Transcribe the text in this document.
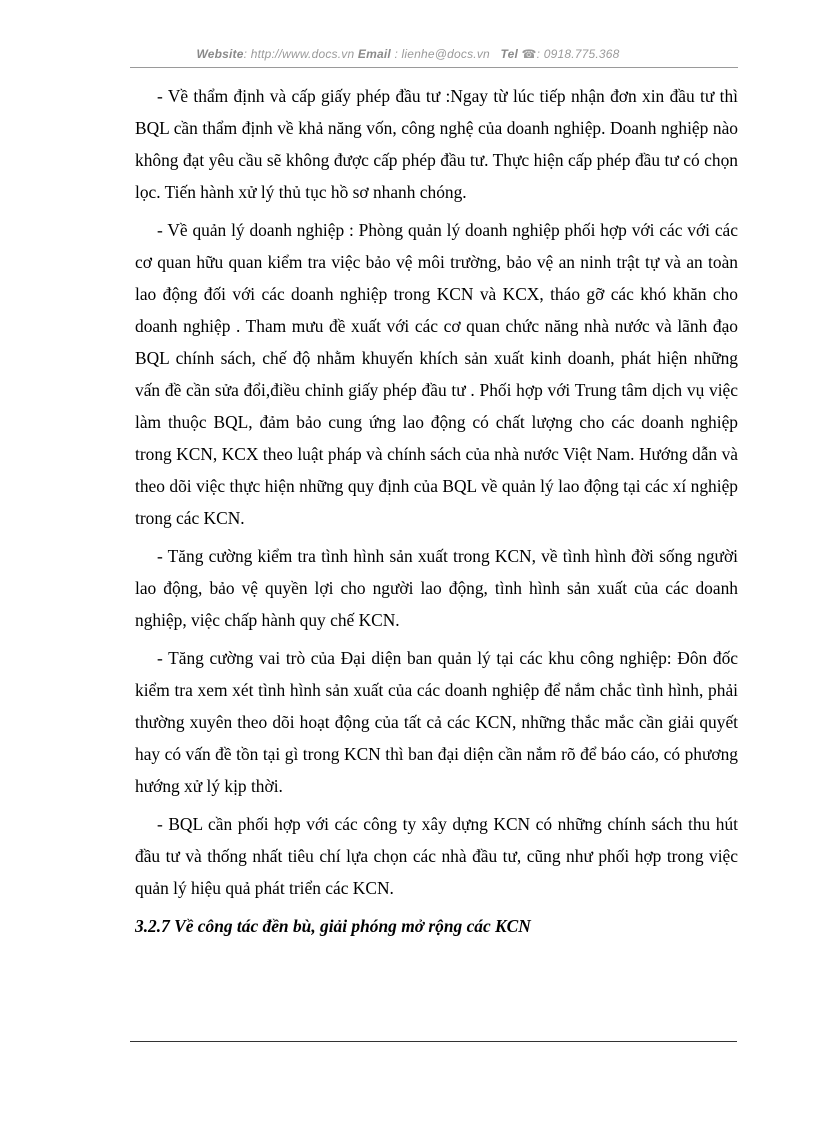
Website: http://www.docs.vn Email : lienhe@docs.vn Tel ☎: 0918.775.368

- Về thẩm định và cấp giấy phép đầu tư :Ngay từ lúc tiếp nhận đơn xin đầu tư thì BQL cần thẩm định về khả năng vốn, công nghệ của doanh nghiệp. Doanh nghiệp nào không đạt yêu cầu sẽ không được cấp phép đầu tư. Thực hiện cấp phép đầu tư có chọn lọc. Tiến hành xử lý thủ tục hồ sơ nhanh chóng.

- Về quản lý doanh nghiệp : Phòng quản lý doanh nghiệp phối hợp với các với các cơ quan hữu quan kiểm tra việc bảo vệ môi trường, bảo vệ an ninh trật tự và an toàn lao động đối với các doanh nghiệp trong KCN và KCX, tháo gỡ các khó khăn cho doanh nghiệp . Tham mưu đề xuất với các cơ quan chức năng nhà nước và lãnh đạo BQL chính sách, chế độ nhằm khuyến khích sản xuất kinh doanh, phát hiện những vấn đề cần sửa đổi,điều chỉnh giấy phép đầu tư . Phối hợp với Trung tâm dịch vụ việc làm thuộc BQL, đảm bảo cung ứng lao động có chất lượng cho các doanh nghiệp trong KCN, KCX theo luật pháp và chính sách của nhà nước Việt Nam. Hướng dẫn và theo dõi việc thực hiện những quy định của BQL về quản lý lao động tại các xí nghiệp trong các KCN.

- Tăng cường kiểm tra tình hình sản xuất trong KCN, về tình hình đời sống người lao động, bảo vệ quyền lợi cho người lao động, tình hình sản xuất của các doanh nghiệp, việc chấp hành quy chế KCN.

- Tăng cường vai trò của Đại diện ban quản lý tại các khu công nghiệp: Đôn đốc kiểm tra xem xét tình hình sản xuất của các doanh nghiệp để nắm chắc tình hình, phải thường xuyên theo dõi hoạt động của tất cả các KCN, những thắc mắc cần giải quyết hay có vấn đề tồn tại gì trong KCN thì ban đại diện cần nắm rõ để báo cáo, có phương hướng xử lý kịp thời.

- BQL cần phối hợp với các công ty xây dựng KCN có những chính sách thu hút đầu tư và thống nhất tiêu chí lựa chọn các nhà đầu tư, cũng như phối hợp trong việc quản lý hiệu quả phát triển các KCN.

3.2.7 Về công tác đền bù, giải phóng mở rộng các KCN
